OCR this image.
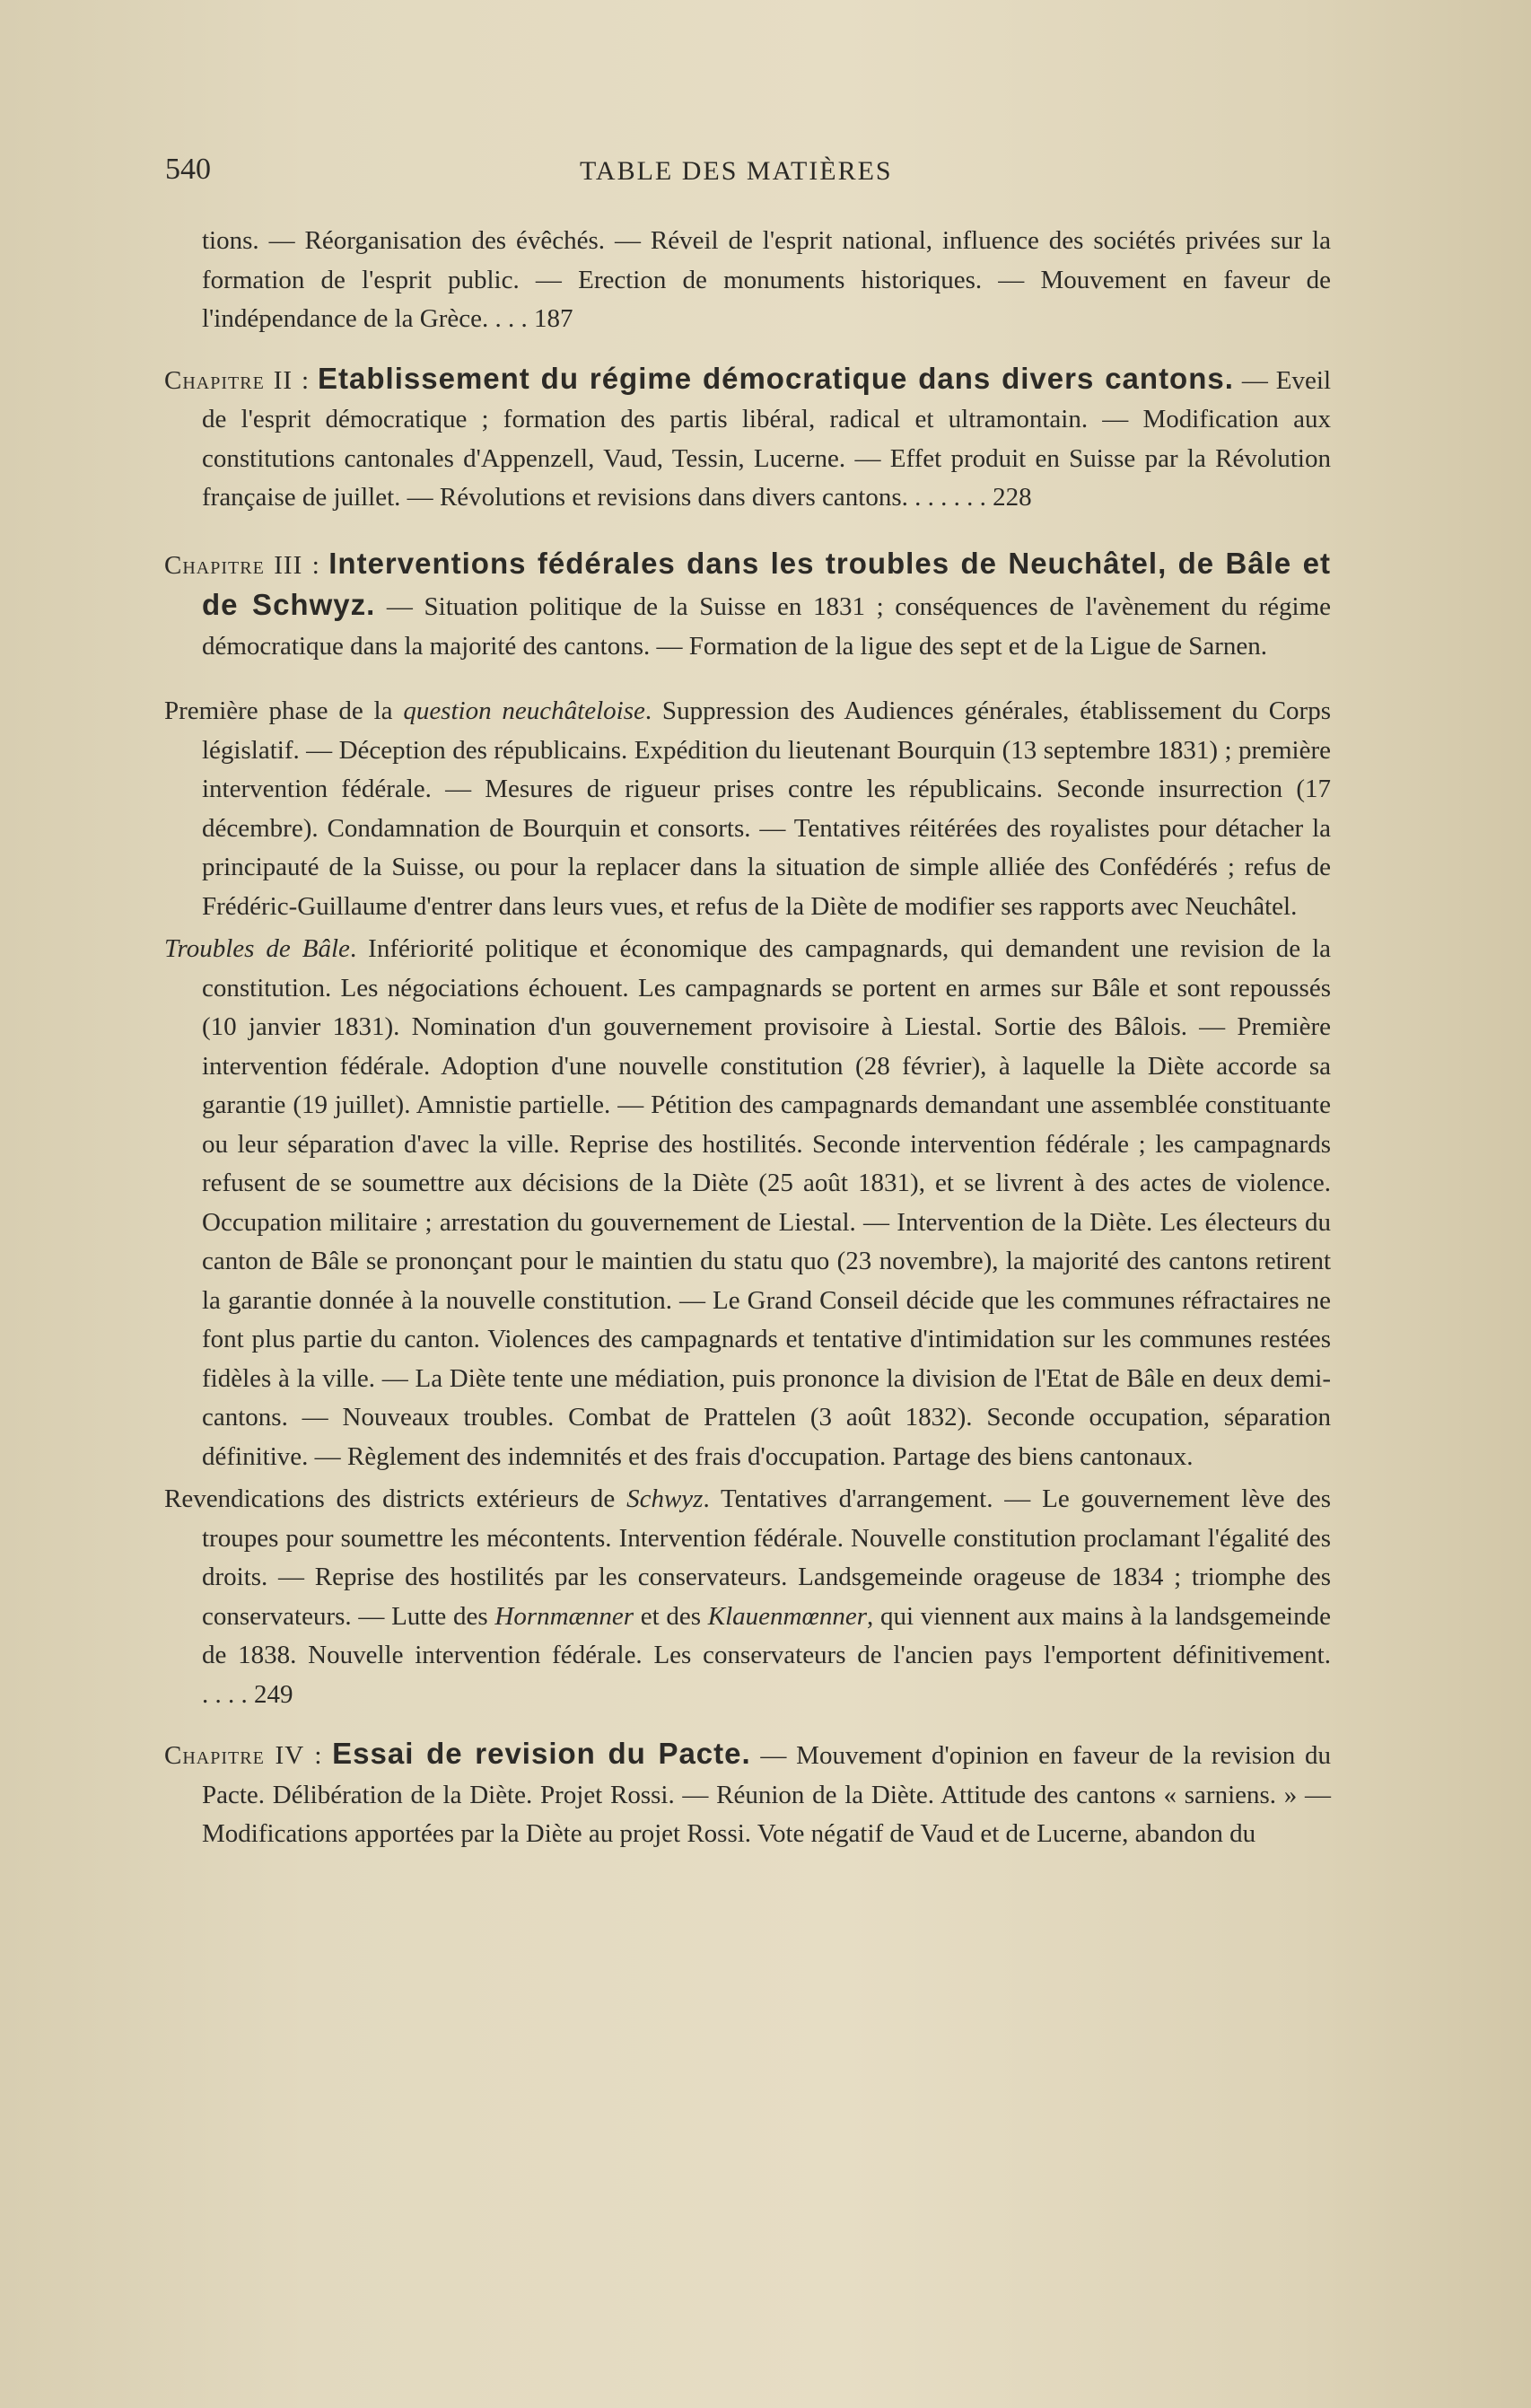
540	TABLE DES MATIÈRES

tions. — Réorganisation des évêchés. — Réveil de l'esprit national, influence des sociétés privées sur la formation de l'esprit public. — Erection de monuments historiques. — Mouvement en faveur de l'indépendance de la Grèce. . . . 187

Chapitre II : Etablissement du régime démocratique dans divers cantons. — Eveil de l'esprit démocratique ; formation des partis libéral, radical et ultramontain. — Modification aux constitutions cantonales d'Appenzell, Vaud, Tessin, Lucerne. — Effet produit en Suisse par la Révolution française de juillet. — Révolutions et revisions dans divers cantons. . . . . . . 228

Chapitre III : Interventions fédérales dans les troubles de Neuchâtel, de Bâle et de Schwyz. — Situation politique de la Suisse en 1831 ; conséquences de l'avènement du régime démocratique dans la majorité des cantons. — Formation de la ligue des sept et de la Ligue de Sarnen.

Première phase de la question neuchâteloise. Suppression des Audiences générales, établissement du Corps législatif. — Déception des républicains. Expédition du lieutenant Bourquin (13 septembre 1831) ; première intervention fédérale. — Mesures de rigueur prises contre les républicains. Seconde insurrection (17 décembre). Condamnation de Bourquin et consorts. — Tentatives réitérées des royalistes pour détacher la principauté de la Suisse, ou pour la replacer dans la situation de simple alliée des Confédérés ; refus de Frédéric-Guillaume d'entrer dans leurs vues, et refus de la Diète de modifier ses rapports avec Neuchâtel.

Troubles de Bâle. Infériorité politique et économique des campagnards, qui demandent une revision de la constitution. Les négociations échouent. Les campagnards se portent en armes sur Bâle et sont repoussés (10 janvier 1831). Nomination d'un gouvernement provisoire à Liestal. Sortie des Bâlois. — Première intervention fédérale. Adoption d'une nouvelle constitution (28 février), à laquelle la Diète accorde sa garantie (19 juillet). Amnistie partielle. — Pétition des campagnards demandant une assemblée constituante ou leur séparation d'avec la ville. Reprise des hostilités. Seconde intervention fédérale ; les campagnards refusent de se soumettre aux décisions de la Diète (25 août 1831), et se livrent à des actes de violence. Occupation militaire ; arrestation du gouvernement de Liestal. — Intervention de la Diète. Les électeurs du canton de Bâle se prononçant pour le maintien du statu quo (23 novembre), la majorité des cantons retirent la garantie donnée à la nouvelle constitution. — Le Grand Conseil décide que les communes réfractaires ne font plus partie du canton. Violences des campagnards et tentative d'intimidation sur les communes restées fidèles à la ville. — La Diète tente une médiation, puis prononce la division de l'Etat de Bâle en deux demi-cantons. — Nouveaux troubles. Combat de Prattelen (3 août 1832). Seconde occupation, séparation définitive. — Règlement des indemnités et des frais d'occupation. Partage des biens cantonaux.

Revendications des districts extérieurs de Schwyz. Tentatives d'arrangement. — Le gouvernement lève des troupes pour soumettre les mécontents. Intervention fédérale. Nouvelle constitution proclamant l'égalité des droits. — Reprise des hostilités par les conservateurs. Landsgemeinde orageuse de 1834 ; triomphe des conservateurs. — Lutte des Hornmænner et des Klauenmœnner, qui viennent aux mains à la landsgemeinde de 1838. Nouvelle intervention fédérale. Les conservateurs de l'ancien pays l'emportent définitivement. . . . . 249

Chapitre IV : Essai de revision du Pacte. — Mouvement d'opinion en faveur de la revision du Pacte. Délibération de la Diète. Projet Rossi. — Réunion de la Diète. Attitude des cantons « sarniens. » — Modifications apportées par la Diète au projet Rossi. Vote négatif de Vaud et de Lucerne, abandon du
